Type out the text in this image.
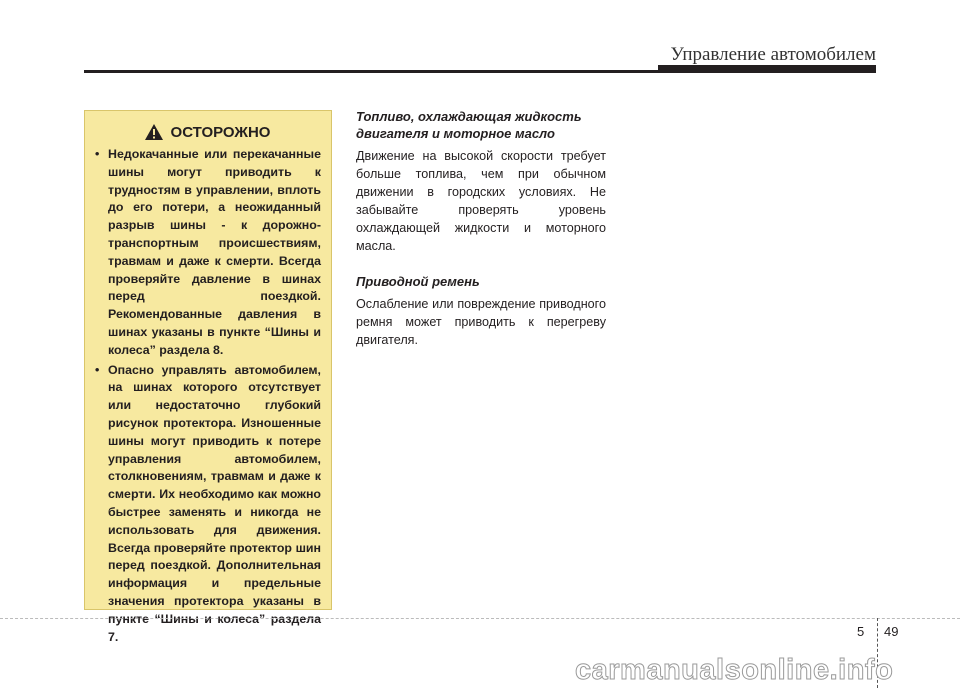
Управление автомобилем
ОСТОРОЖНО
• Недокачанные или перекачанные шины могут приводить к трудностям в управлении, вплоть до его потери, а неожиданный разрыв шины - к дорожно-транспортным происшествиям, травмам и даже к смерти. Всегда проверяйте давление в шинах перед поездкой. Рекомендованные давления в шинах указаны в пункте “Шины и колеса” раздела 8.
• Опасно управлять автомобилем, на шинах которого отсутствует или недостаточно глубокий рисунок протектора. Изношенные шины могут приводить к потере управления автомобилем, столкновениям, травмам и даже к смерти. Их необходимо как можно быстрее заменять и никогда не использовать для движения. Всегда проверяйте протектор шин перед поездкой. Дополнительная информация и предельные значения протектора указаны в пункте “Шины и колеса” раздела 7.
Топливо, охлаждающая жидкость двигателя и моторное масло

Движение на высокой скорости требует больше топлива, чем при обычном движении в городских условиях. Не забывайте проверять уровень охлаждающей жидкости и моторного масла.

Приводной ремень

Ослабление или повреждение приводного ремня может приводить к перегреву двигателя.

5 49
carmanualsonline.info
